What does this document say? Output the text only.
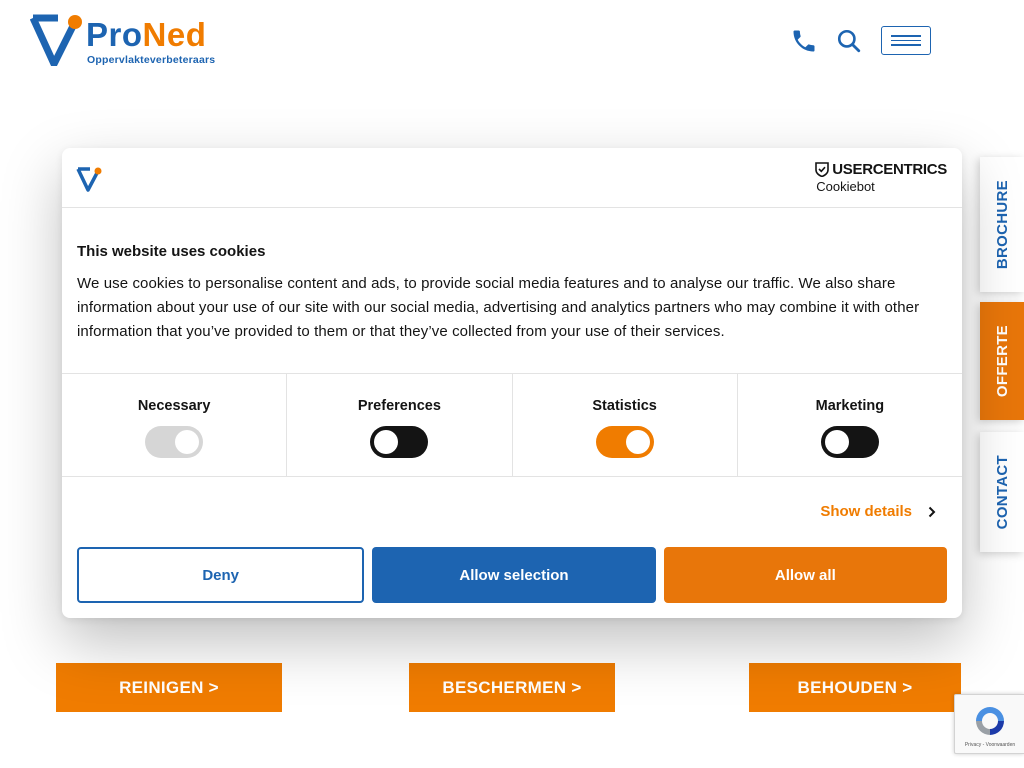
ProNed
Oppervlakteverbeteraars
REINIGEN >	BESCHERMEN >	BEHOUDEN >
BROCHURE
OFFERTE
CONTACT
USERCENTRICS
Cookiebot
This website uses cookies
We use cookies to personalise content and ads, to provide social media features and to analyse our traffic. We also share information about your use of our site with our social media, advertising and analytics partners who may combine it with other information that you’ve provided to them or that they’ve collected from your use of their services.
Necessary	Preferences	Statistics	Marketing
Show details
Deny	Allow selection	Allow all
Privacy - Voorwaarden
